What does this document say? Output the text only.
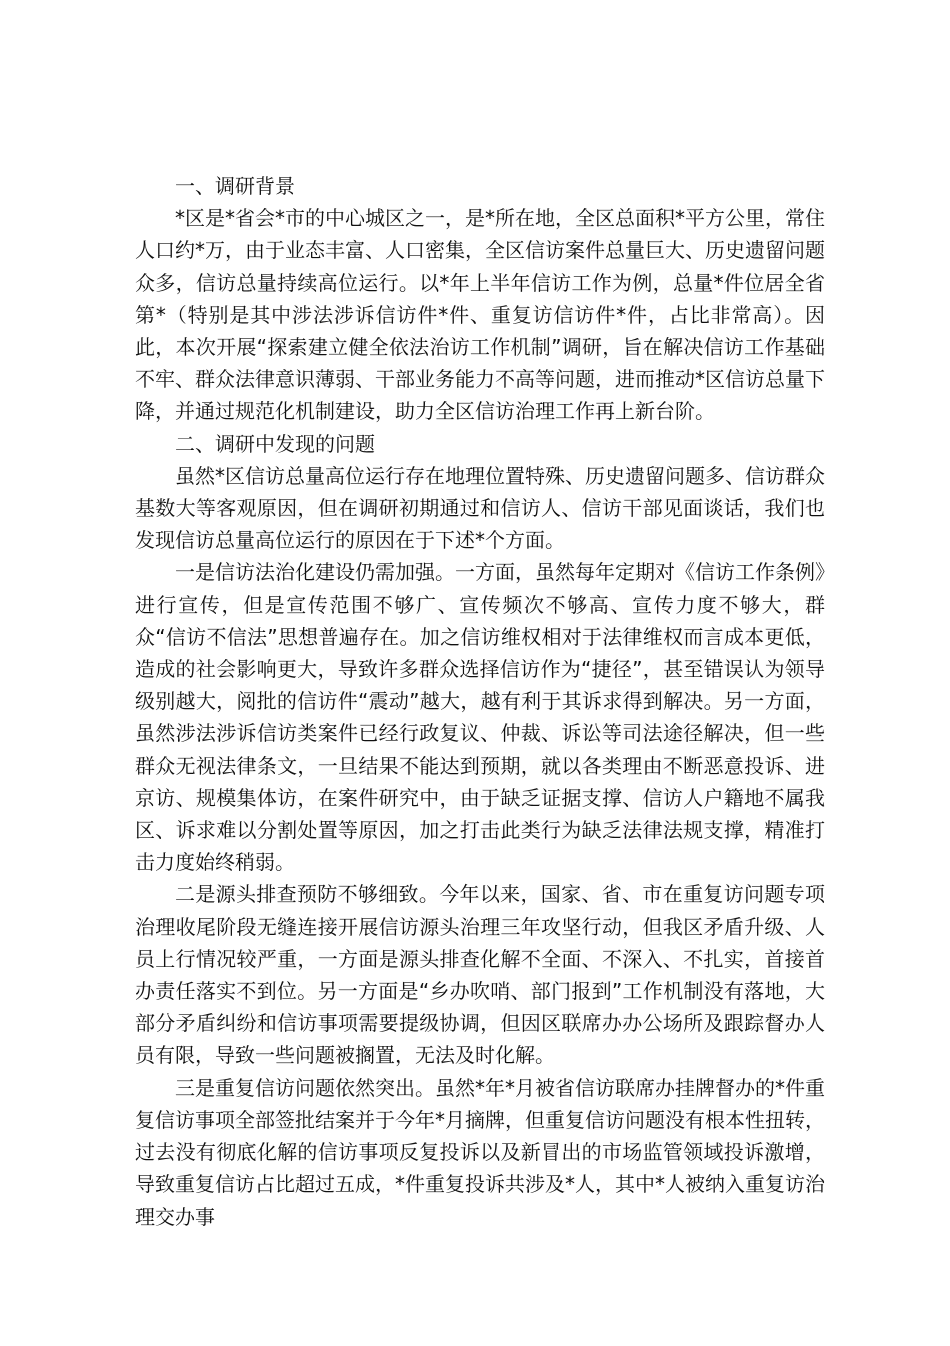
一、调研背景

*区是*省会*市的中心城区之一，是*所在地，全区总面积*平方公里，常住人口约*万，由于业态丰富、人口密集，全区信访案件总量巨大、历史遗留问题众多，信访总量持续高位运行。以*年上半年信访工作为例，总量*件位居全省第*（特别是其中涉法涉诉信访件*件、重复访信访件*件，占比非常高）。因此，本次开展“探索建立健全依法治访工作机制”调研，旨在解决信访工作基础不牢、群众法律意识薄弱、干部业务能力不高等问题，进而推动*区信访总量下降，并通过规范化机制建设，助力全区信访治理工作再上新台阶。

二、调研中发现的问题

虽然*区信访总量高位运行存在地理位置特殊、历史遗留问题多、信访群众基数大等客观原因，但在调研初期通过和信访人、信访干部见面谈话，我们也发现信访总量高位运行的原因在于下述*个方面。

一是信访法治化建设仍需加强。一方面，虽然每年定期对《信访工作条例》进行宣传，但是宣传范围不够广、宣传频次不够高、宣传力度不够大，群众“信访不信法”思想普遍存在。加之信访维权相对于法律维权而言成本更低，造成的社会影响更大，导致许多群众选择信访作为“捷径”，甚至错误认为领导级别越大，阅批的信访件“震动”越大，越有利于其诉求得到解决。另一方面，虽然涉法涉诉信访类案件已经行政复议、仲裁、诉讼等司法途径解决，但一些群众无视法律条文，一旦结果不能达到预期，就以各类理由不断恶意投诉、进京访、规模集体访，在案件研究中，由于缺乏证据支撑、信访人户籍地不属我区、诉求难以分割处置等原因，加之打击此类行为缺乏法律法规支撑，精准打击力度始终稍弱。

二是源头排查预防不够细致。今年以来，国家、省、市在重复访问题专项治理收尾阶段无缝连接开展信访源头治理三年攻坚行动，但我区矛盾升级、人员上行情况较严重，一方面是源头排查化解不全面、不深入、不扎实，首接首办责任落实不到位。另一方面是“乡办吹哨、部门报到”工作机制没有落地，大部分矛盾纠纷和信访事项需要提级协调，但因区联席办办公场所及跟踪督办人员有限，导致一些问题被搁置，无法及时化解。

三是重复信访问题依然突出。虽然*年*月被省信访联席办挂牌督办的*件重复信访事项全部签批结案并于今年*月摘牌，但重复信访问题没有根本性扭转，过去没有彻底化解的信访事项反复投诉以及新冒出的市场监管领域投诉激增，导致重复信访占比超过五成，*件重复投诉共涉及*人，其中*人被纳入重复访治理交办事
